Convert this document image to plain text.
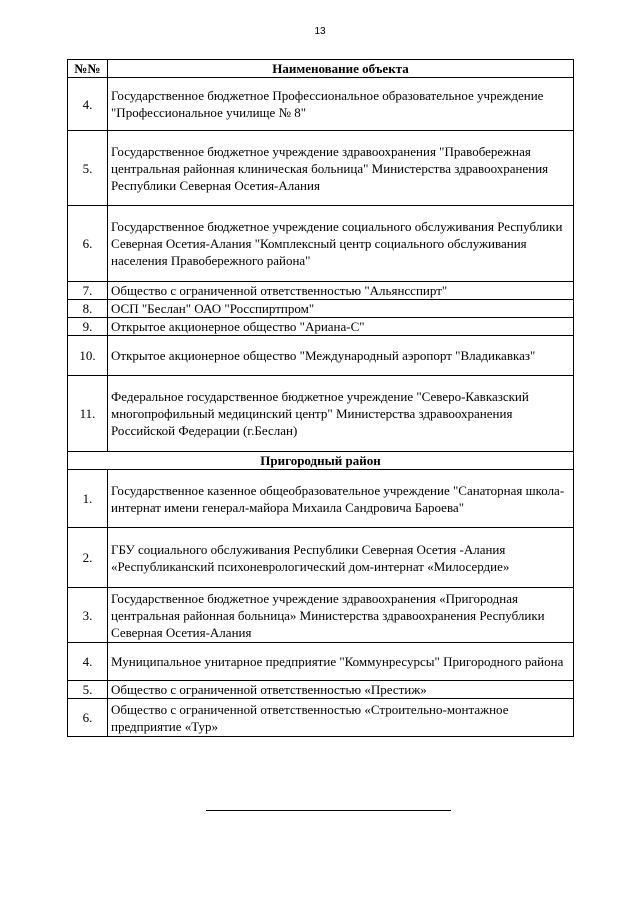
13
№№	Наименование объекта
4.	Государственное бюджетное Профессиональное образовательное учреждение "Профессиональное училище № 8"
5.	Государственное бюджетное учреждение здравоохранения "Правобережная центральная районная клиническая больница" Министерства здравоохранения Республики Северная Осетия-Алания
6.	Государственное бюджетное учреждение социального обслуживания Республики Северная Осетия-Алания "Комплексный центр социального обслуживания населения Правобережного района"
7.	Общество с ограниченной ответственностью "Альянсспирт"
8.	ОСП "Беслан" ОАО "Росспиртпром"
9.	Открытое акционерное общество "Ариана-С"
10.	Открытое акционерное общество "Международный аэропорт "Владикавказ"
11.	Федеральное государственное бюджетное учреждение "Северо-Кавказский многопрофильный медицинский центр" Министерства здравоохранения Российской Федерации (г.Беслан)
Пригородный район	
1.	Государственное казенное общеобразовательное учреждение "Санаторная школа-интернат имени генерал-майора Михаила Сандровича Бароева"
2.	ГБУ социального обслуживания Республики Северная Осетия -Алания «Республиканский психоневрологический дом-интернат «Милосердие»
3.	Государственное бюджетное учреждение здравоохранения «Пригородная центральная районная больница» Министерства здравоохранения Республики Северная Осетия-Алания
4.	Муниципальное унитарное предприятие "Коммунресурсы" Пригородного района
5.	Общество с ограниченной ответственностью «Престиж»
6.	Общество с ограниченной ответственностью «Строительно-монтажное предприятие «Тур»
